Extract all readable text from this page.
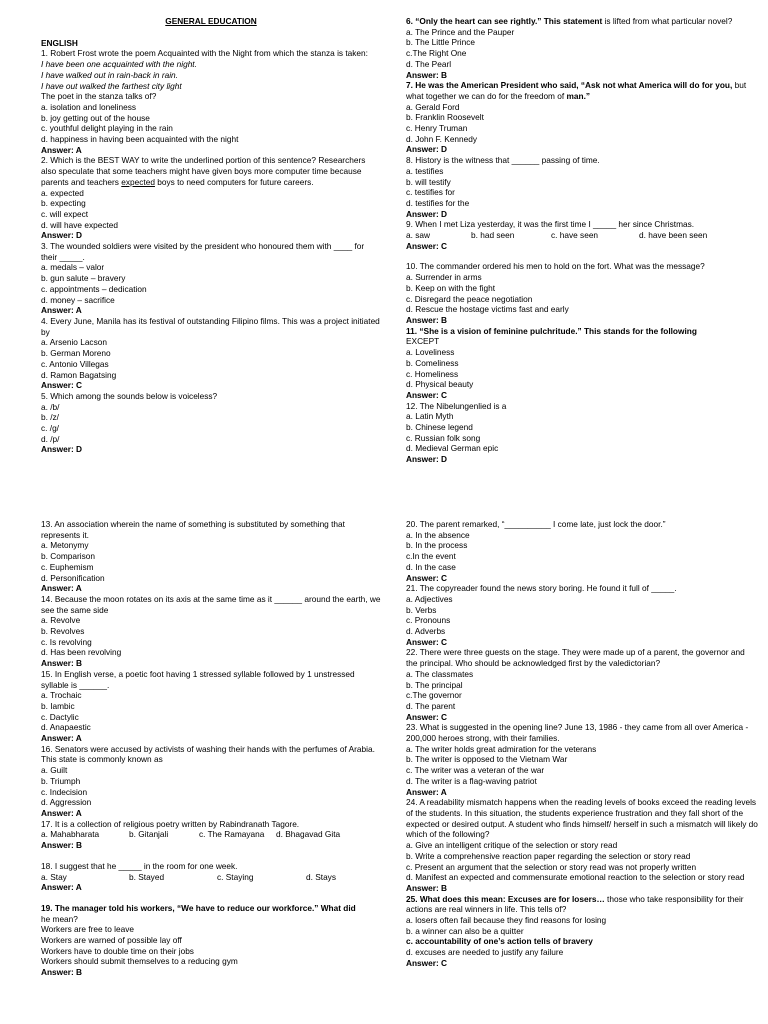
GENERAL EDUCATION

ENGLISH

1. Robert Frost wrote the poem Acquainted with the Night from which the stanza is taken:

I have been one acquainted with the night.

I have walked out in rain-back in rain.

I have out walked the farthest city light

The poet in the stanza talks of?

a. isolation and loneliness

b. joy getting out of the house

c. youthful delight playing in the rain

d. happiness in having been acquainted with the night

Answer: A

2. Which is the BEST WAY to write the underlined portion of this sentence? Researchers also speculate that some teachers might have given boys more computer time because parents and teachers expected boys to need computers for future careers.

a. expected

b. expecting

c. will expect

d. will have expected

Answer: D

3. The wounded soldiers were visited by the president who honoured them with ____ for their _____.

a. medals – valor

b. gun salute – bravery

c. appointments – dedication

d. money – sacrifice

Answer: A

4. Every June, Manila has its festival of outstanding Filipino films. This was a project initiated by

a. Arsenio Lacson

b. German Moreno

c. Antonio Villegas

d. Ramon Bagatsing

Answer: C

5. Which among the sounds below is voiceless?

a. /b/

b. /z/

c. /g/

d. /p/

Answer: D

6. “Only the heart can see rightly.” This statement is lifted from what particular novel?

a. The Prince and the Pauper

b. The Little Prince

c.The Right One

d. The Pearl

Answer: B

7. He was the American President who said, “Ask not what America will do for you, but what together we can do for the freedom of man.”

a. Gerald Ford

b. Franklin Roosevelt

c. Henry Truman

d. John F. Kennedy

Answer: D

8. History is the witness that ______ passing of time.

a. testifies

b. will testify

c. testifies for

d. testifies for the

Answer: D

9. When I met Liza yesterday, it was the first time I _____ her since Christmas.

a. saw	b. had seen	c. have seen	d. have been seen

Answer: C

10. The commander ordered his men to hold on the fort. What was the message?

a. Surrender in arms

b. Keep on with the fight

c. Disregard the peace negotiation

d. Rescue the hostage victims fast and early

Answer: B

11. “She is a vision of feminine pulchritude.” This stands for the following

EXCEPT

a. Loveliness

b. Comeliness

c. Homeliness

d. Physical beauty

Answer: C

12. The Nibelungenlied is a

a. Latin Myth

b. Chinese legend

c. Russian folk song

d. Medieval German epic

Answer: D

13. An association wherein the name of something is substituted by something that represents it.

a. Metonymy

b. Comparison

c. Euphemism

d. Personification

Answer: A

14. Because the moon rotates on its axis at the same time as it ______ around the earth, we see the same side

a. Revolve

b. Revolves

c. Is revolving

d. Has been revolving

Answer: B

15. In English verse, a poetic foot having 1 stressed syllable followed by 1 unstressed syllable is ______.

a. Trochaic

b. Iambic

c. Dactylic

d. Anapaestic

Answer: A

16. Senators were accused by activists of washing their hands with the perfumes of Arabia. This state is commonly known as

a. Guilt

b. Triumph

c. Indecision

d. Aggression

Answer: A

17. It is a collection of religious poetry written by Rabindranath Tagore.

a. Mahabharata	b. Gitanjali	c. The Ramayana d. Bhagavad Gita

Answer: B

18. I suggest that he _____ in the room for one week.

a. Stay	b. Stayed	c. Staying	d. Stays

Answer: A

19. The manager told his workers, “We have to reduce our workforce.” What did

he mean?

Workers are free to leave

Workers are warned of possible lay off

Workers have to double time on their jobs

Workers should submit themselves to a reducing gym

Answer: B

20. The parent remarked, “__________ I come late, just lock the door.”

a. In the absence

b. In the process

c.In the event

d. In the case

Answer: C

21. The copyreader found the news story boring. He found it full of _____.

a. Adjectives

b. Verbs

c. Pronouns

d. Adverbs

Answer: C

22. There were three guests on the stage. They were made up of a parent, the governor and the principal. Who should be acknowledged first by the valedictorian?

a. The classmates

b. The principal

c.The governor

d. The parent

Answer: C

23. What is suggested in the opening line? June 13, 1986 - they came from all over America - 200,000 heroes strong, with their families.

a. The writer holds great admiration for the veterans

b. The writer is opposed to the Vietnam War

c. The writer was a veteran of the war

d. The writer is a flag-waving patriot

Answer: A

24. A readability mismatch happens when the reading levels of books exceed the reading levels of the students. In this situation, the students experience frustration and they fall short of the expected or desired output. A student who finds himself/ herself in such a mismatch will likely do which of the following?

a. Give an intelligent critique of the selection or story read

b. Write a comprehensive reaction paper regarding the selection or story read

c. Present an argument that the selection or story read was not properly written

d. Manifest an expected and commensurate emotional reaction to the selection or story read

Answer: B

25. What does this mean: Excuses are for losers… those who take responsibility for their actions are real winners in life. This tells of?

a. losers often fail because they find reasons for losing

b. a winner can also be a quitter

c. accountability of one’s action tells of bravery

d. excuses are needed to justify any failure

Answer: C
